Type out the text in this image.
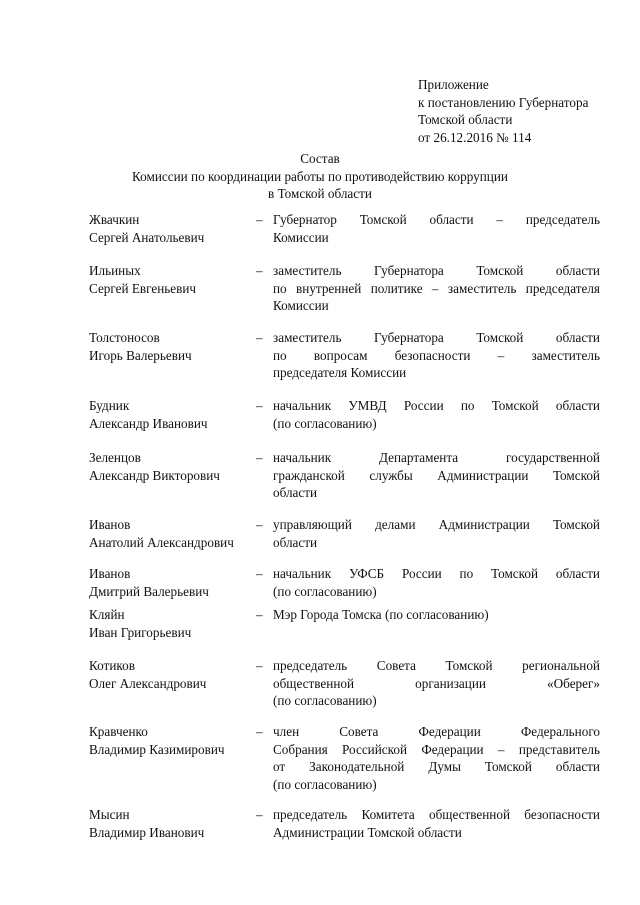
Приложение
к постановлению Губернатора
Томской области
от 26.12.2016 № 114
Состав
Комиссии по координации работы по противодействию коррупции
в Томской области
Жвачкин
Сергей Анатольевич
– Губернатор Томской области – председатель
Комиссии
Ильиных
Сергей Евгеньевич
– заместитель Губернатора Томской области
по внутренней политике – заместитель председателя
Комиссии
Толстоносов
Игорь Валерьевич
– заместитель Губернатора Томской области
по вопросам безопасности – заместитель
председателя Комиссии
Будник
Александр Иванович
– начальник УМВД России по Томской области
(по согласованию)
Зеленцов
Александр Викторович
– начальник Департамента государственной
гражданской службы Администрации Томской
области
Иванов
Анатолий Александрович
– управляющий делами Администрации Томской
области
Иванов
Дмитрий Валерьевич
– начальник УФСБ России по Томской области
(по согласованию)
Кляйн
Иван Григорьевич
– Мэр Города Томска (по согласованию)
Котиков
Олег Александрович
– председатель Совета Томской региональной
общественной организации «Оберег»
(по согласованию)
Кравченко
Владимир Казимирович
– член Совета Федерации Федерального
Собрания Российской Федерации – представитель
от Законодательной Думы Томской области
(по согласованию)
Мысин
Владимир Иванович
– председатель Комитета общественной безопасности
Администрации Томской области
